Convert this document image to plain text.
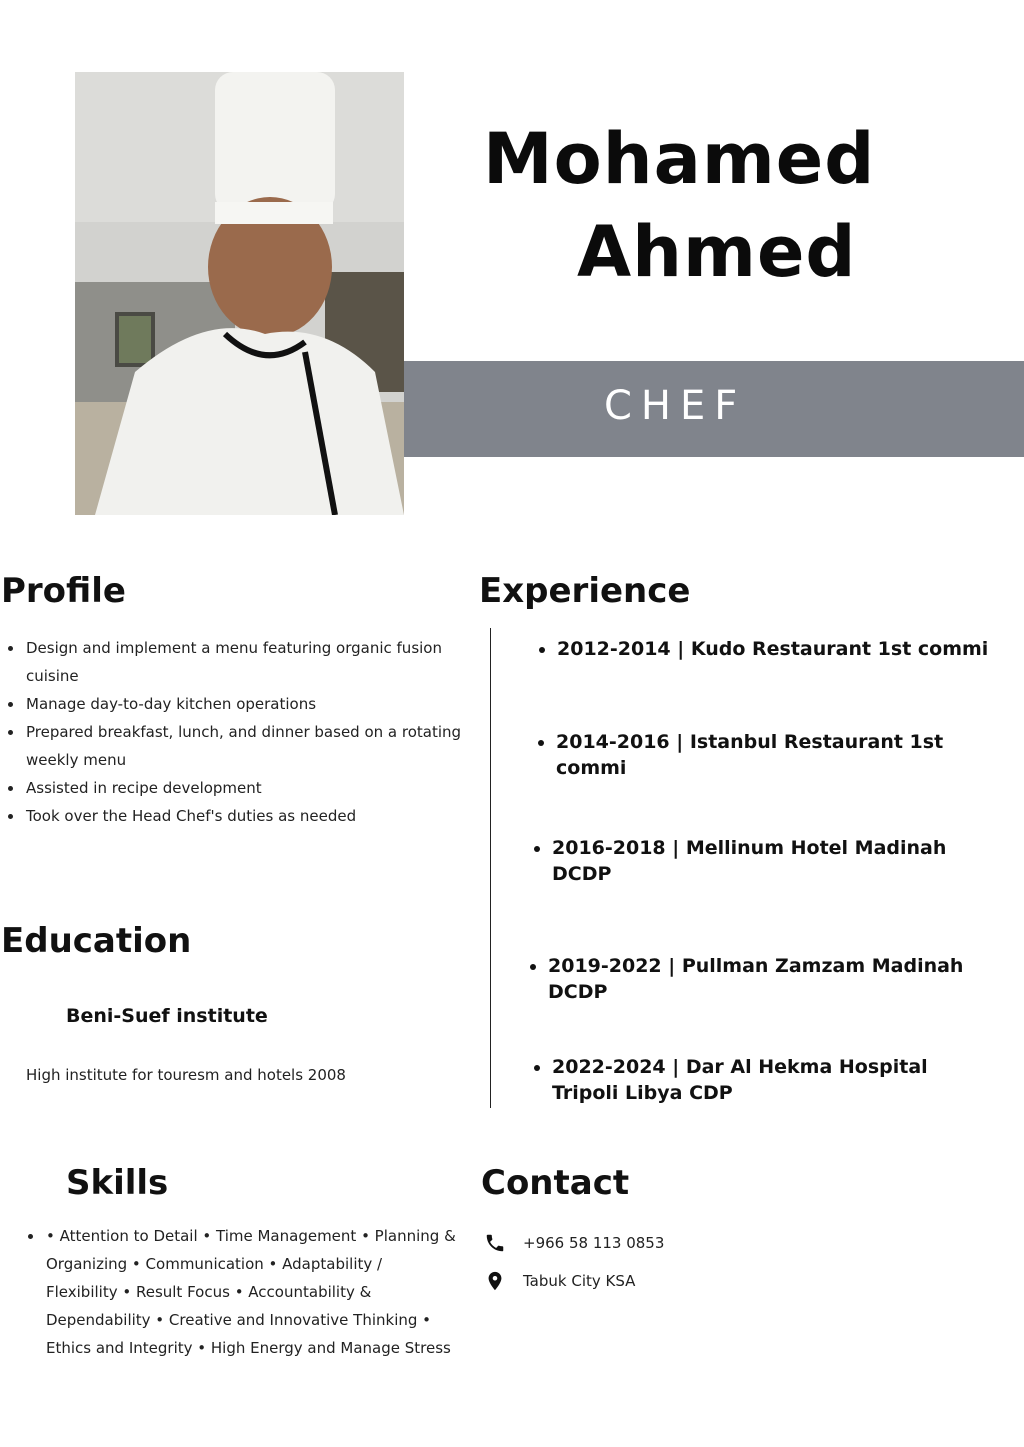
Mohamed
Ahmed
CHEF
Profile
Design and implement a menu featuring organic fusion cuisine
Manage day-to-day kitchen operations
Prepared breakfast, lunch, and dinner based on a rotating weekly menu
Assisted in recipe development
Took over the Head Chef's duties as needed
Experience
2012-2014 | Kudo Restaurant 1st commi
2014-2016 | Istanbul Restaurant 1st commi
2016-2018 | Mellinum Hotel Madinah DCDP
2019-2022 | Pullman Zamzam Madinah DCDP
2022-2024 | Dar Al Hekma Hospital Tripoli Libya CDP
Education
Beni-Suef institute
High institute for touresm and hotels 2008
Skills
• Attention to Detail • Time Management • Planning & Organizing • Communication • Adaptability / Flexibility • Result Focus • Accountability & Dependability • Creative and Innovative Thinking • Ethics and Integrity • High Energy and Manage Stress
Contact
+966 58 113 0853
Tabuk City KSA
